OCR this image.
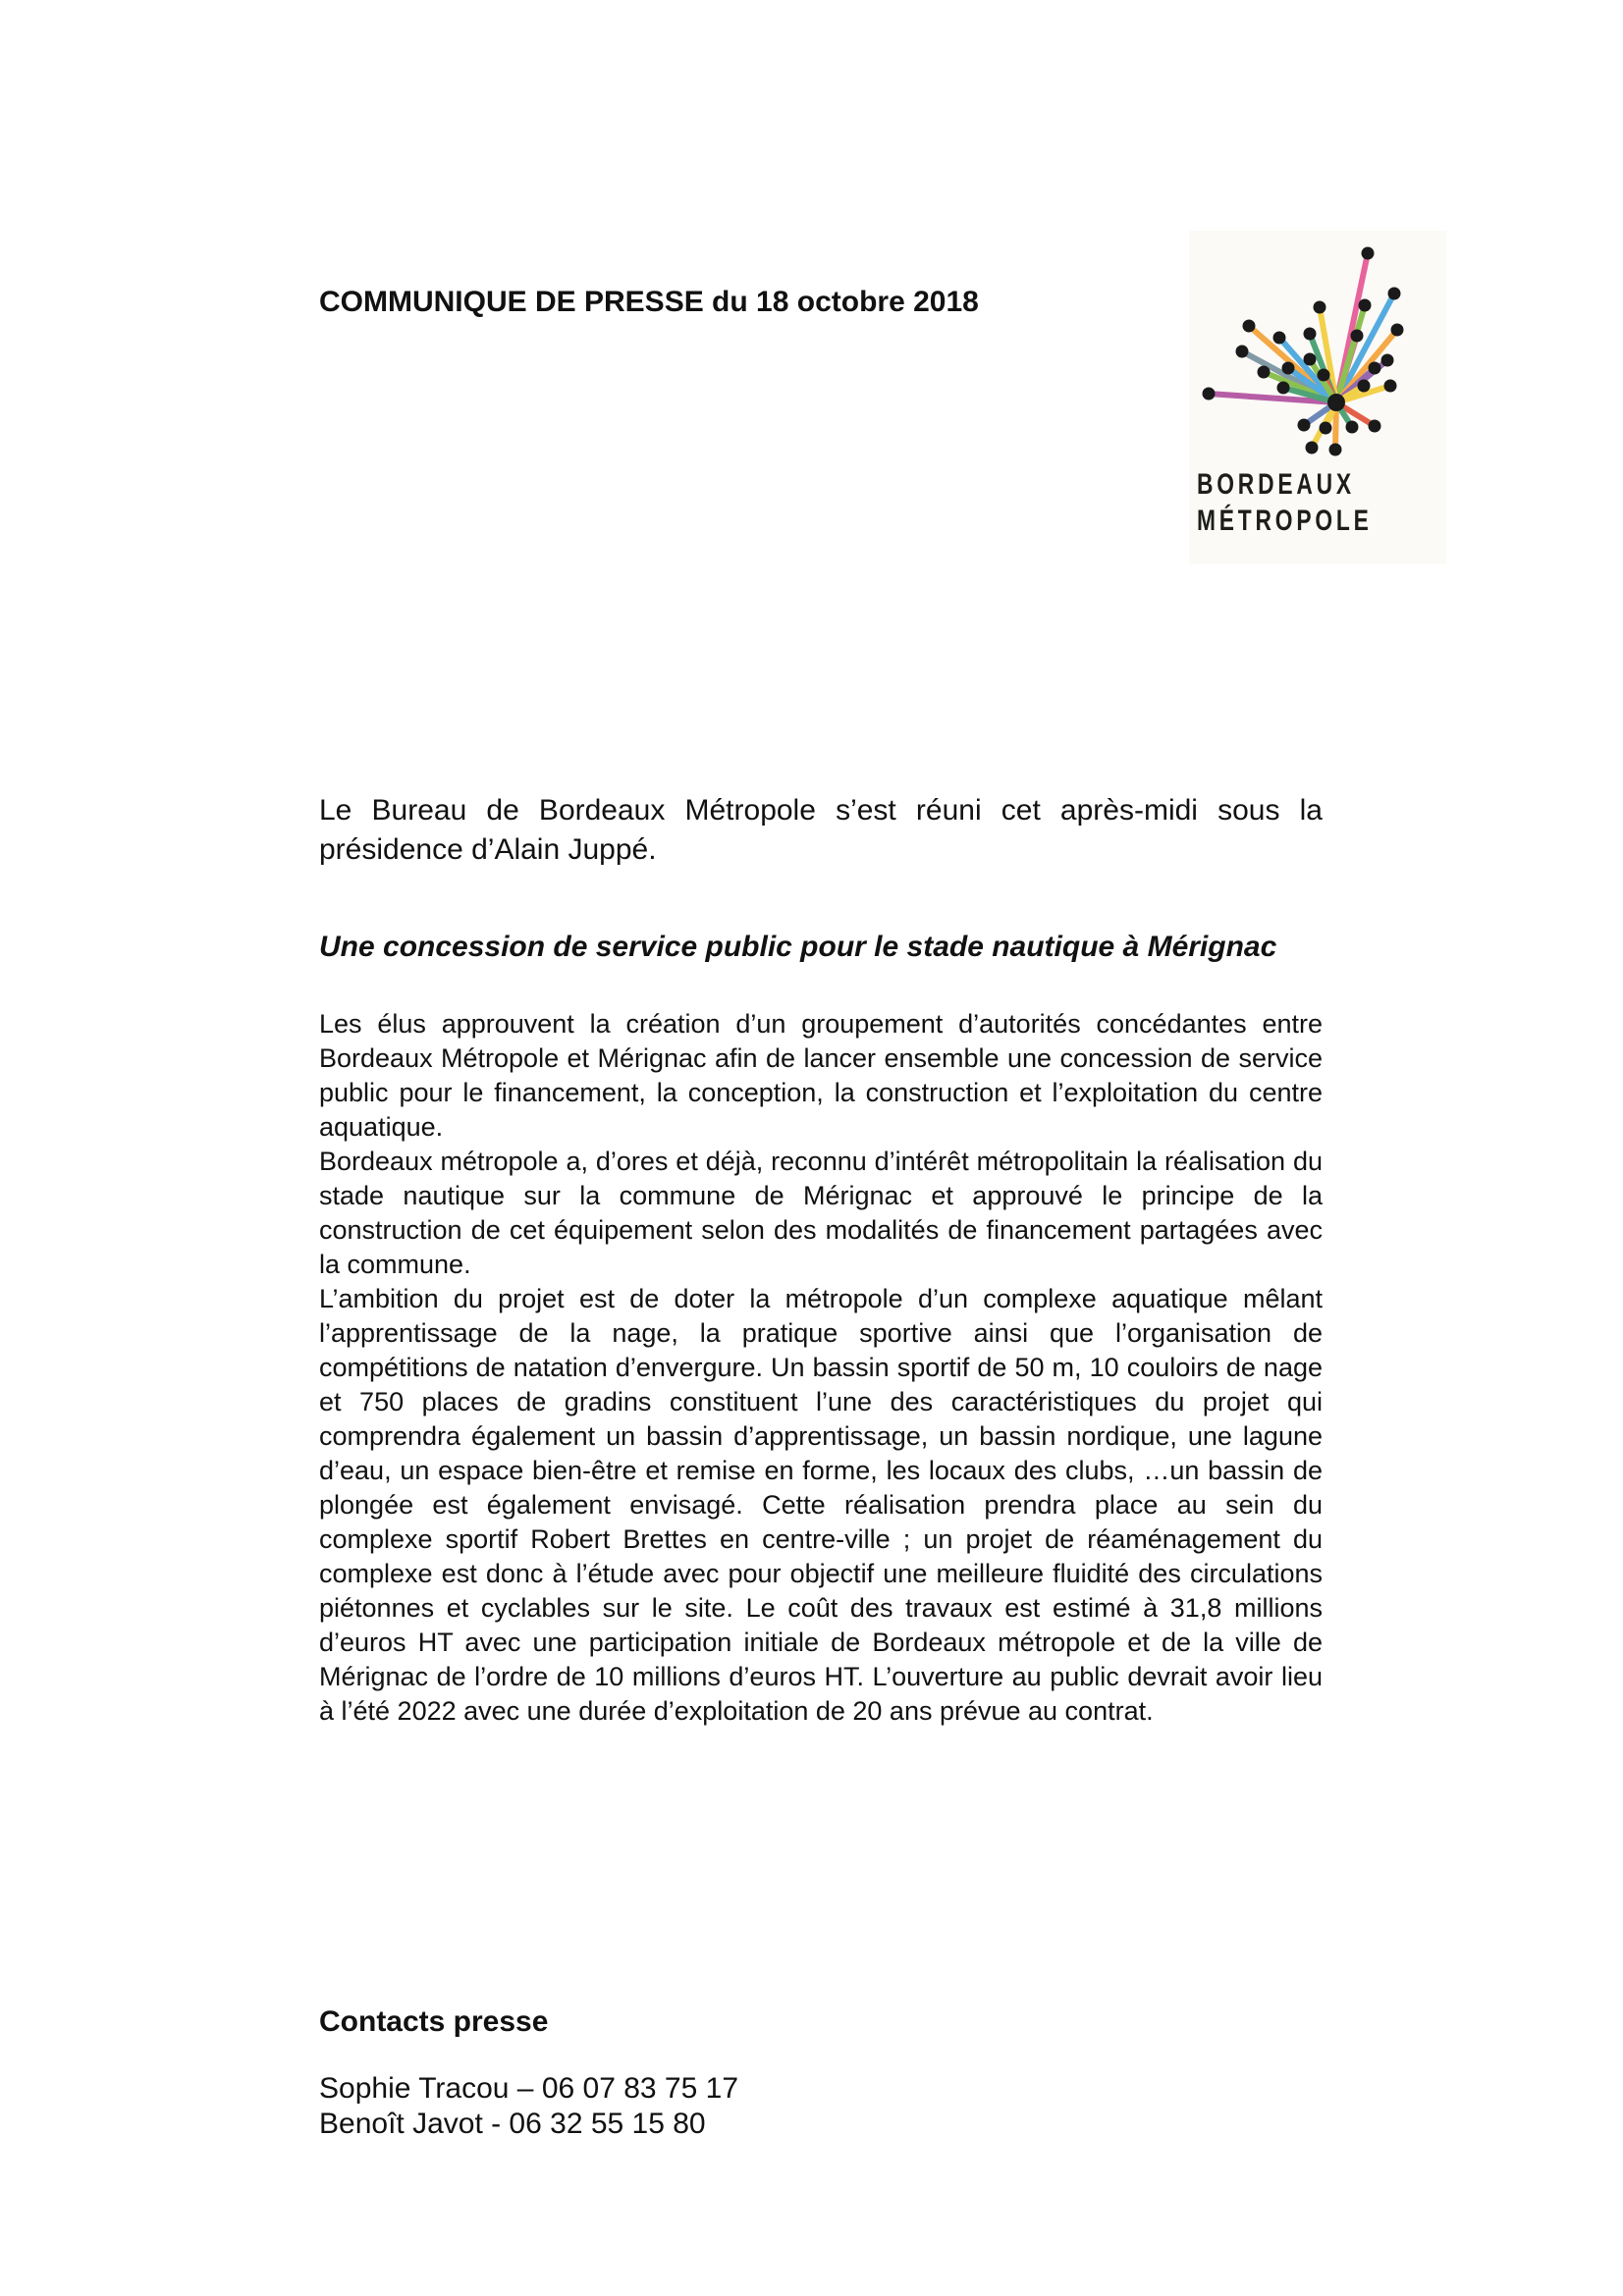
COMMUNIQUE DE PRESSE du 18 octobre 2018
BORDEAUX
MÉTROPOLE

Le Bureau de Bordeaux Métropole s’est réuni cet après-midi sous la présidence d’Alain Juppé.

Une concession de service public pour le stade nautique à Mérignac

Les élus approuvent la création d’un groupement d’autorités concédantes entre Bordeaux Métropole et Mérignac afin de lancer ensemble une concession de service public pour le financement, la conception, la construction et l’exploitation du centre aquatique.

Bordeaux métropole a, d’ores et déjà, reconnu d’intérêt métropolitain la réalisation du stade nautique sur la commune de Mérignac et approuvé le principe de la construction de cet équipement selon des modalités de financement partagées avec la commune.

L’ambition du projet est de doter la métropole d’un complexe aquatique mêlant l’apprentissage de la nage, la pratique sportive ainsi que l’organisation de compétitions de natation d’envergure. Un bassin sportif de 50 m, 10 couloirs de nage et 750 places de gradins constituent l’une des caractéristiques du projet qui comprendra également un bassin d’apprentissage, un bassin nordique, une lagune d’eau, un espace bien-être et remise en forme, les locaux des clubs, …un bassin de plongée est également envisagé. Cette réalisation prendra place au sein du complexe sportif Robert Brettes en centre-ville ; un projet de réaménagement du complexe est donc à l’étude avec pour objectif une meilleure fluidité des circulations piétonnes et cyclables sur le site. Le coût des travaux est estimé à 31,8 millions d’euros HT avec une participation initiale de Bordeaux métropole et de la ville de Mérignac de l’ordre de 10 millions d’euros HT. L’ouverture au public devrait avoir lieu à l’été 2022 avec une durée d’exploitation de 20 ans prévue au contrat.

Contacts presse
Sophie Tracou – 06 07 83 75 17
Benoît Javot - 06 32 55 15 80
